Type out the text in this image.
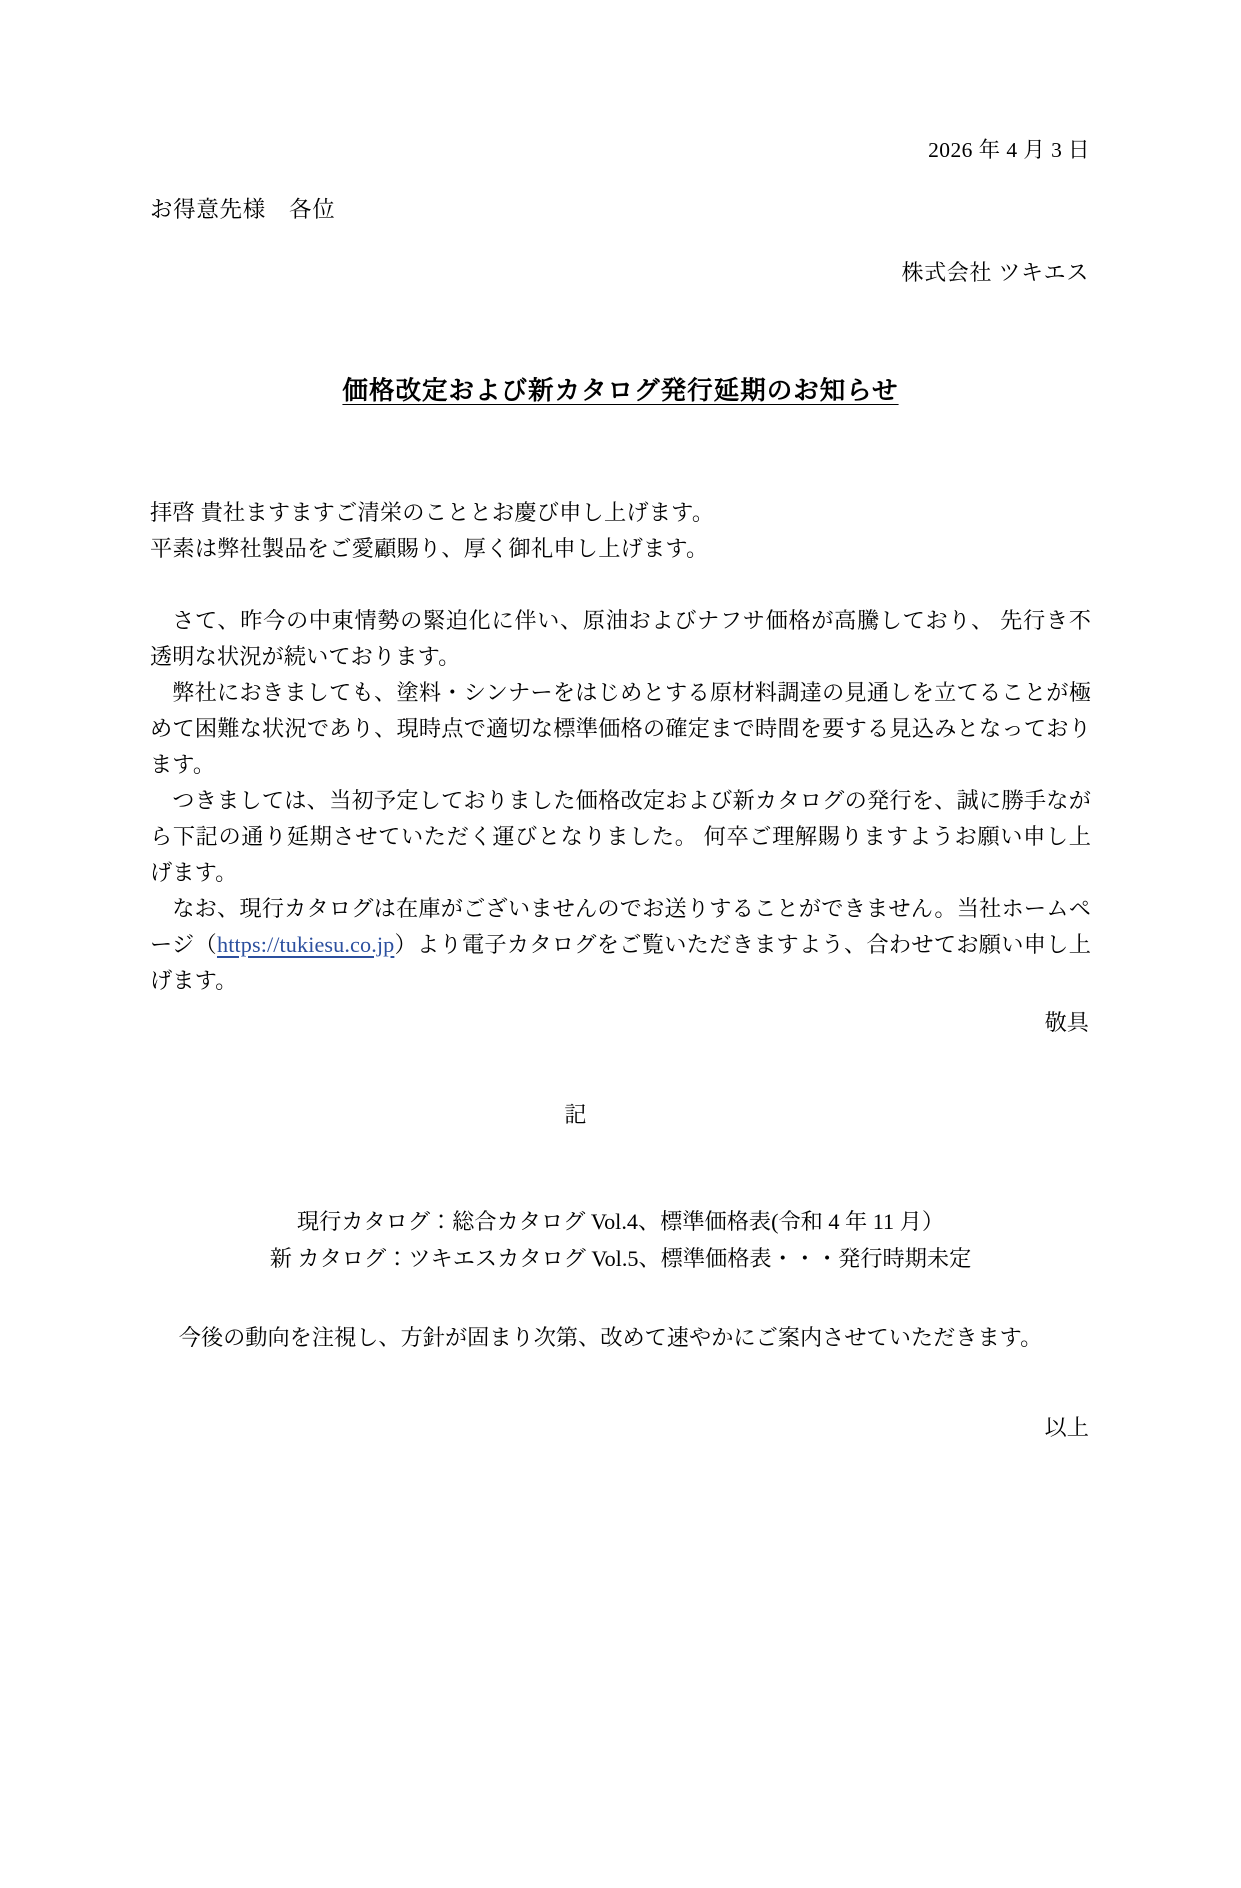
2026 年 4 月 3 日
お得意先様　各位
株式会社 ツキエス
価格改定および新カタログ発行延期のお知らせ
拝啓 貴社ますますご清栄のこととお慶び申し上げます。
平素は弊社製品をご愛顧賜り、厚く御礼申し上げます。

さて、昨今の中東情勢の緊迫化に伴い、原油およびナフサ価格が高騰しており、 先行き不透明な状況が続いております。

弊社におきましても、塗料・シンナーをはじめとする原材料調達の見通しを立てることが極めて困難な状況であり、現時点で適切な標準価格の確定まで時間を要する見込みとなっております。

つきましては、当初予定しておりました価格改定および新カタログの発行を、誠に勝手ながら下記の通り延期させていただく運びとなりました。 何卒ご理解賜りますようお願い申し上げます。

なお、現行カタログは在庫がございませんのでお送りすることができません。当社ホームページ（https://tukiesu.co.jp）より電子カタログをご覧いただきますよう、合わせてお願い申し上げます。

敬具
記
現行カタログ：総合カタログ Vol.4、標準価格表(令和 4 年 11 月）
新 カタログ：ツキエスカタログ Vol.5、標準価格表・・・発行時期未定
今後の動向を注視し、方針が固まり次第、改めて速やかにご案内させていただきます。
以上
